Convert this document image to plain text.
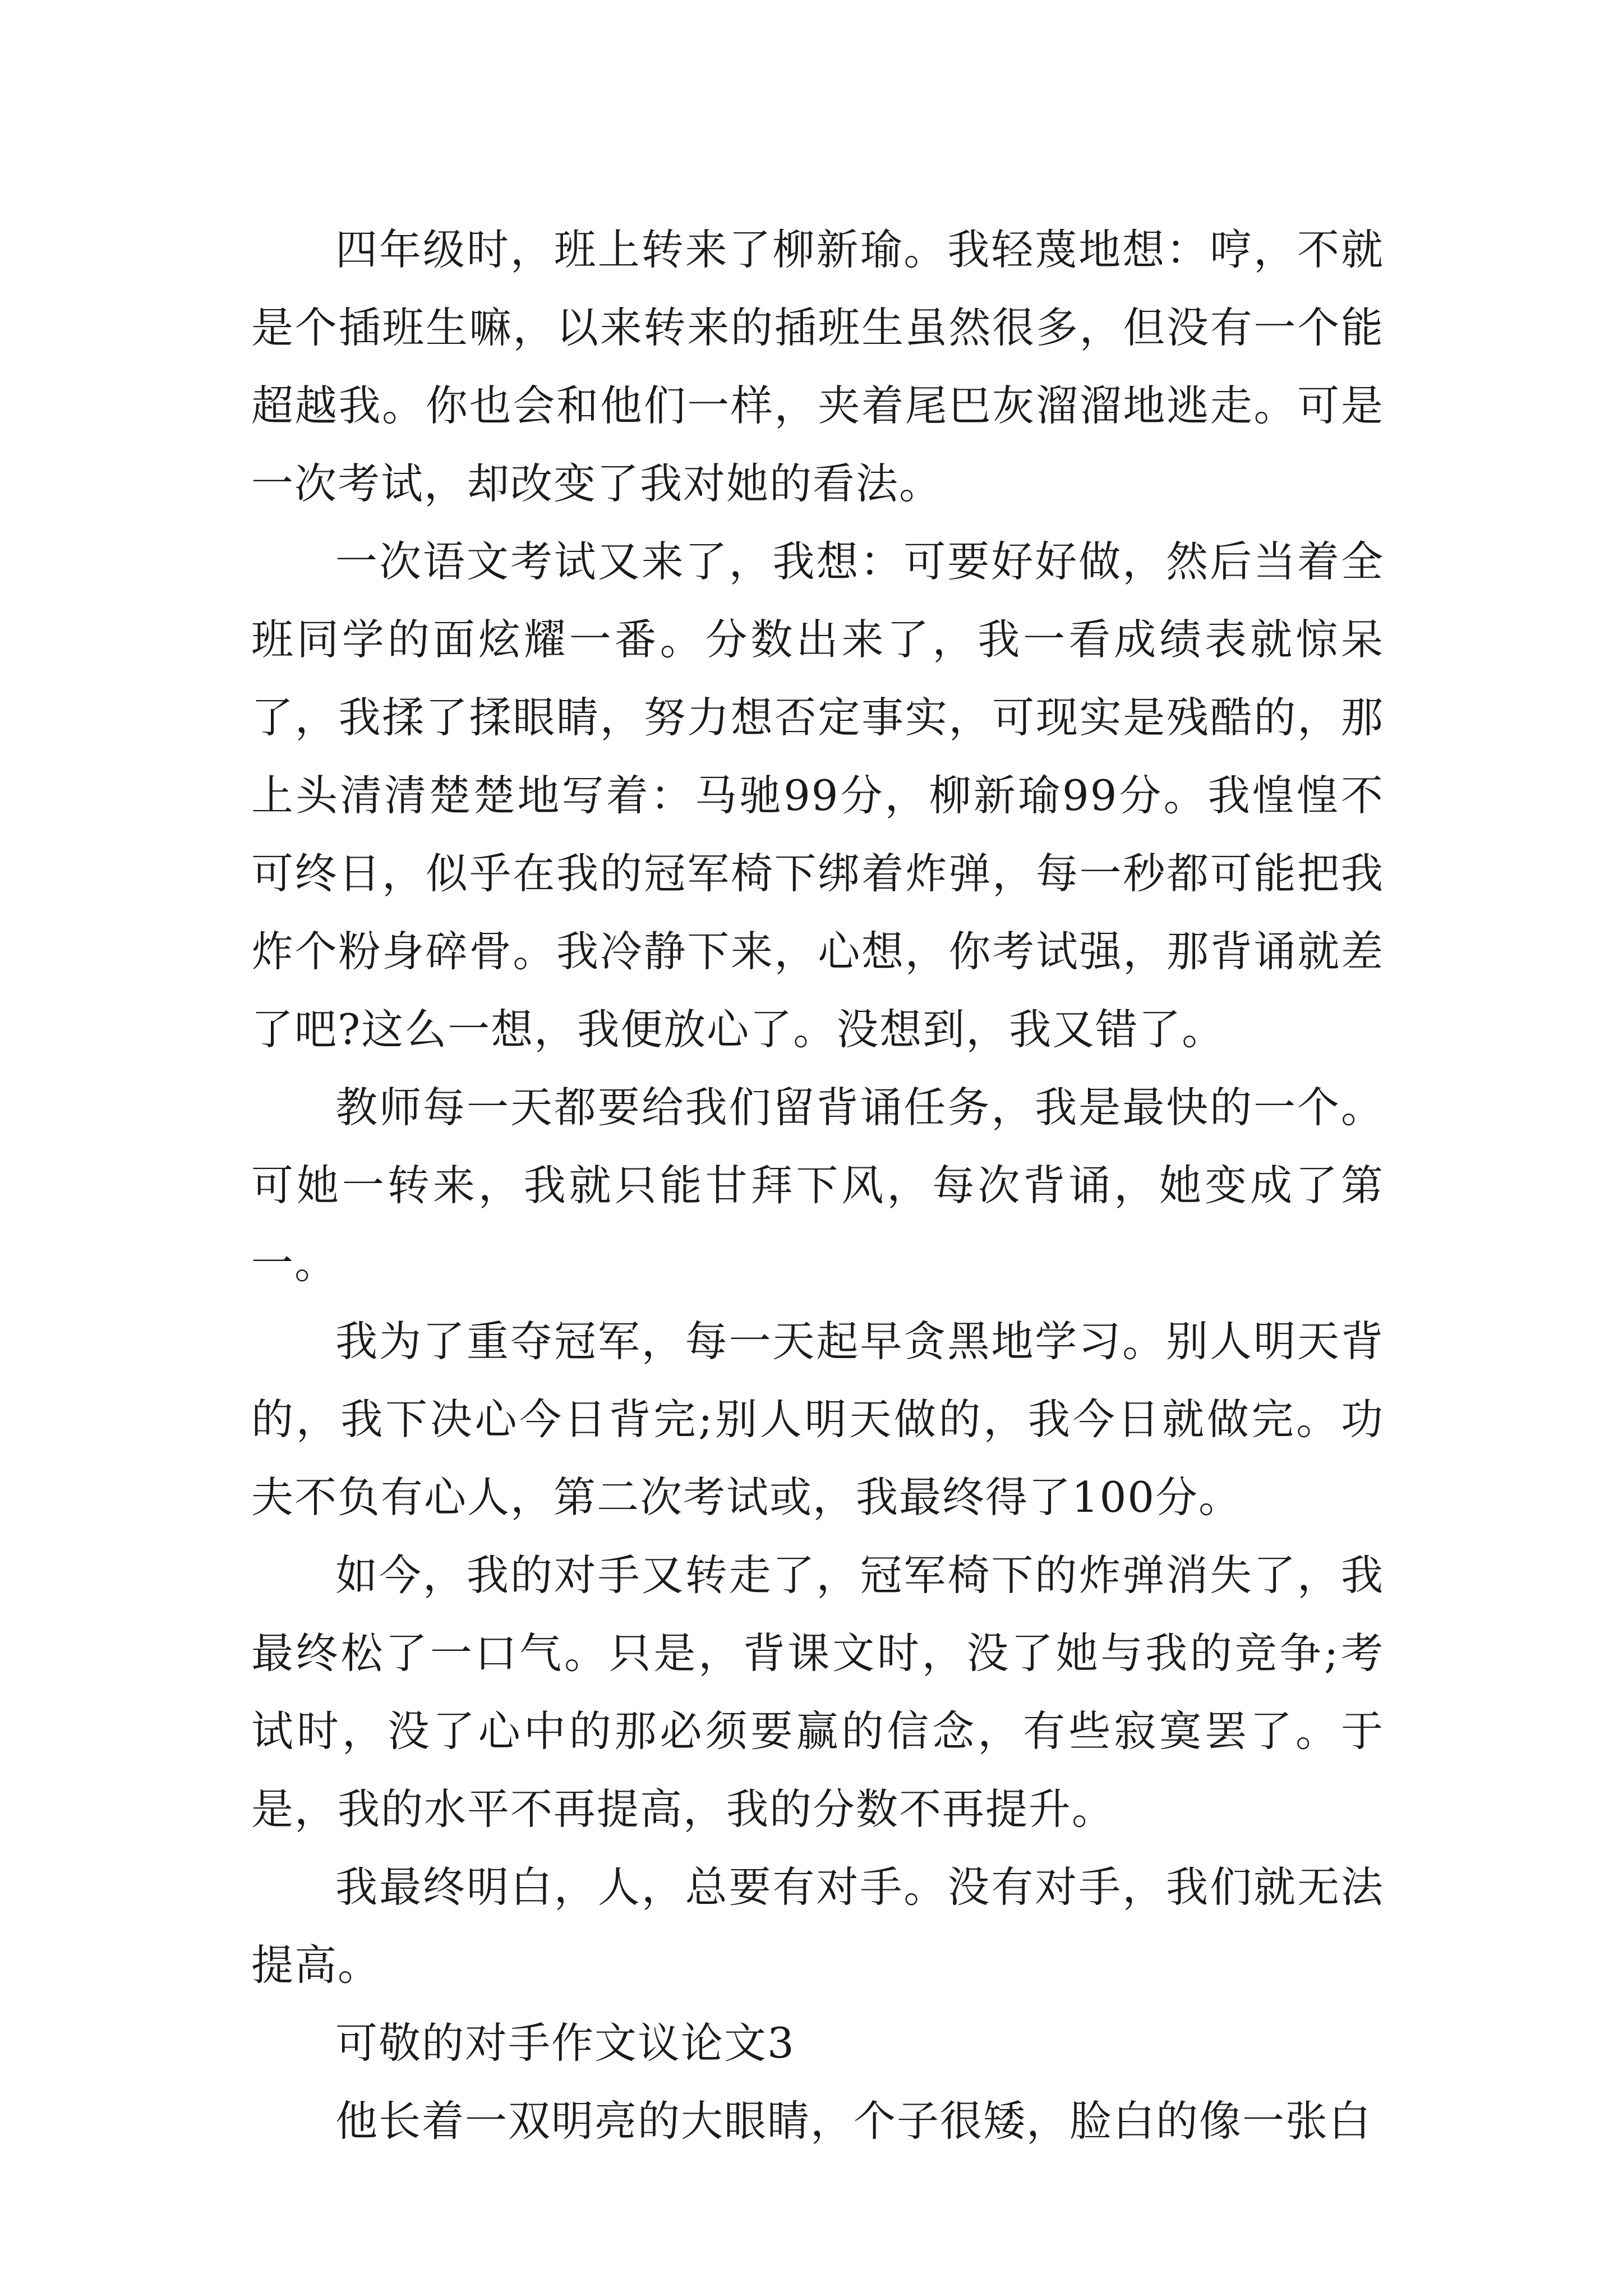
四年级时，班上转来了柳新瑜。我轻蔑地想：哼，不就是个插班生嘛，以来转来的插班生虽然很多，但没有一个能超越我。你也会和他们一样，夹着尾巴灰溜溜地逃走。可是一次考试，却改变了我对她的看法。

一次语文考试又来了，我想：可要好好做，然后当着全班同学的面炫耀一番。分数出来了，我一看成绩表就惊呆了，我揉了揉眼睛，努力想否定事实，可现实是残酷的，那上头清清楚楚地写着：马驰99分，柳新瑜99分。我惶惶不可终日，似乎在我的冠军椅下绑着炸弹，每一秒都可能把我炸个粉身碎骨。我冷静下来，心想，你考试强，那背诵就差了吧?这么一想，我便放心了。没想到，我又错了。

教师每一天都要给我们留背诵任务，我是最快的一个。可她一转来，我就只能甘拜下风，每次背诵，她变成了第一。

我为了重夺冠军，每一天起早贪黑地学习。别人明天背的，我下决心今日背完;别人明天做的，我今日就做完。功夫不负有心人，第二次考试或，我最终得了100分。

如今，我的对手又转走了，冠军椅下的炸弹消失了，我最终松了一口气。只是，背课文时，没了她与我的竞争;考试时，没了心中的那必须要赢的信念，有些寂寞罢了。于是，我的水平不再提高，我的分数不再提升。

我最终明白，人，总要有对手。没有对手，我们就无法提高。

可敬的对手作文议论文3

他长着一双明亮的大眼睛，个子很矮，脸白的像一张白
